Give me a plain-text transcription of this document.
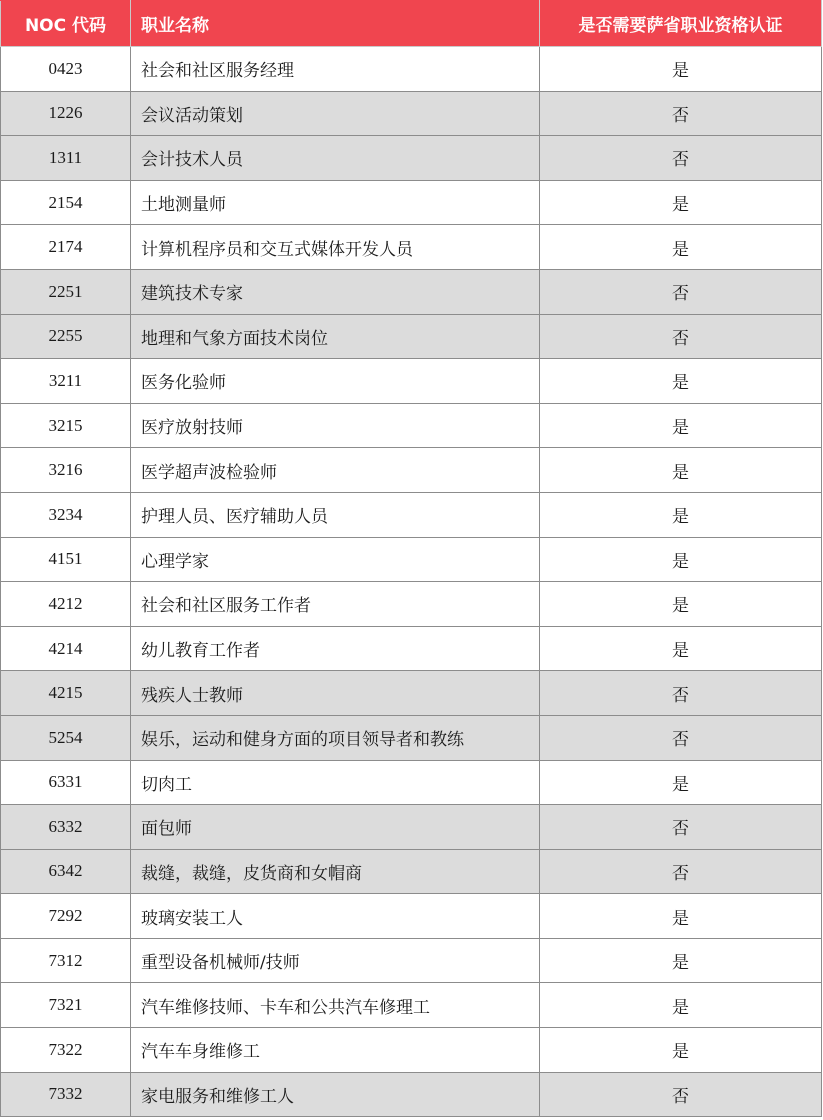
NOC 代码	职业名称	是否需要萨省职业资格认证
0423	社会和社区服务经理	是
1226	会议活动策划	否
1311	会计技术人员	否
2154	土地测量师	是
2174	计算机程序员和交互式媒体开发人员	是
2251	建筑技术专家	否
2255	地理和气象方面技术岗位	否
3211	医务化验师	是
3215	医疗放射技师	是
3216	医学超声波检验师	是
3234	护理人员、医疗辅助人员	是
4151	心理学家	是
4212	社会和社区服务工作者	是
4214	幼儿教育工作者	是
4215	残疾人士教师	否
5254	娱乐，运动和健身方面的项目领导者和教练	否
6331	切肉工	是
6332	面包师	否
6342	裁缝，裁缝，皮货商和女帽商	否
7292	玻璃安装工人	是
7312	重型设备机械师/技师	是
7321	汽车维修技师、卡车和公共汽车修理工	是
7322	汽车车身维修工	是
7332	家电服务和维修工人	否
